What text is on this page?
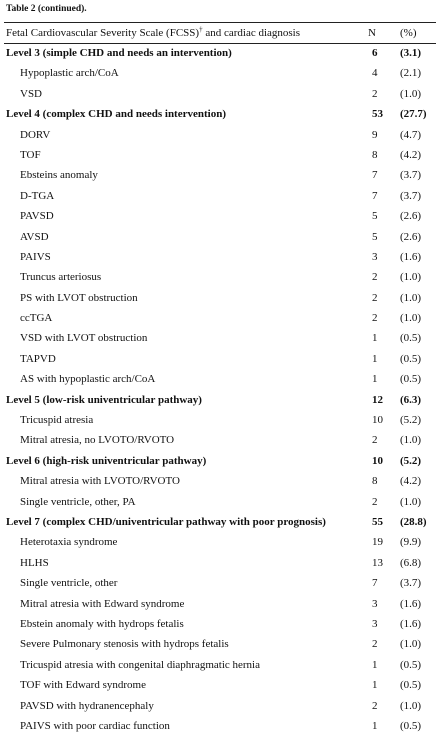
Table 2 (continued).
Fetal Cardiovascular Severity Scale (FCSS)† and cardiac diagnosis	N (%)
Level 3 (simple CHD and needs an intervention)	6 (3.1)
Hypoplastic arch/CoA	4 (2.1)
VSD	2 (1.0)
Level 4 (complex CHD and needs intervention)	53 (27.7)
DORV	9 (4.7)
TOF	8 (4.2)
Ebsteins anomaly	7 (3.7)
D-TGA	7 (3.7)
PAVSD	5 (2.6)
AVSD	5 (2.6)
PAIVS	3 (1.6)
Truncus arteriosus	2 (1.0)
PS with LVOT obstruction	2 (1.0)
ccTGA	2 (1.0)
VSD with LVOT obstruction	1 (0.5)
TAPVD	1 (0.5)
AS with hypoplastic arch/CoA	1 (0.5)
Level 5 (low-risk univentricular pathway)	12 (6.3)
Tricuspid atresia	10 (5.2)
Mitral atresia, no LVOTO/RVOTO	2 (1.0)
Level 6 (high-risk univentricular pathway)	10 (5.2)
Mitral atresia with LVOTO/RVOTO	8 (4.2)
Single ventricle, other, PA	2 (1.0)
Level 7 (complex CHD/univentricular pathway with poor prognosis)	55 (28.8)
Heterotaxia syndrome	19 (9.9)
HLHS	13 (6.8)
Single ventricle, other	7 (3.7)
Mitral atresia with Edward syndrome	3 (1.6)
Ebstein anomaly with hydrops fetalis	3 (1.6)
Severe Pulmonary stenosis with hydrops fetalis	2 (1.0)
Tricuspid atresia with congenital diaphragmatic hernia	1 (0.5)
TOF with Edward syndrome	1 (0.5)
PAVSD with hydranencephaly	2 (1.0)
PAIVS with poor cardiac function	1 (0.5)
